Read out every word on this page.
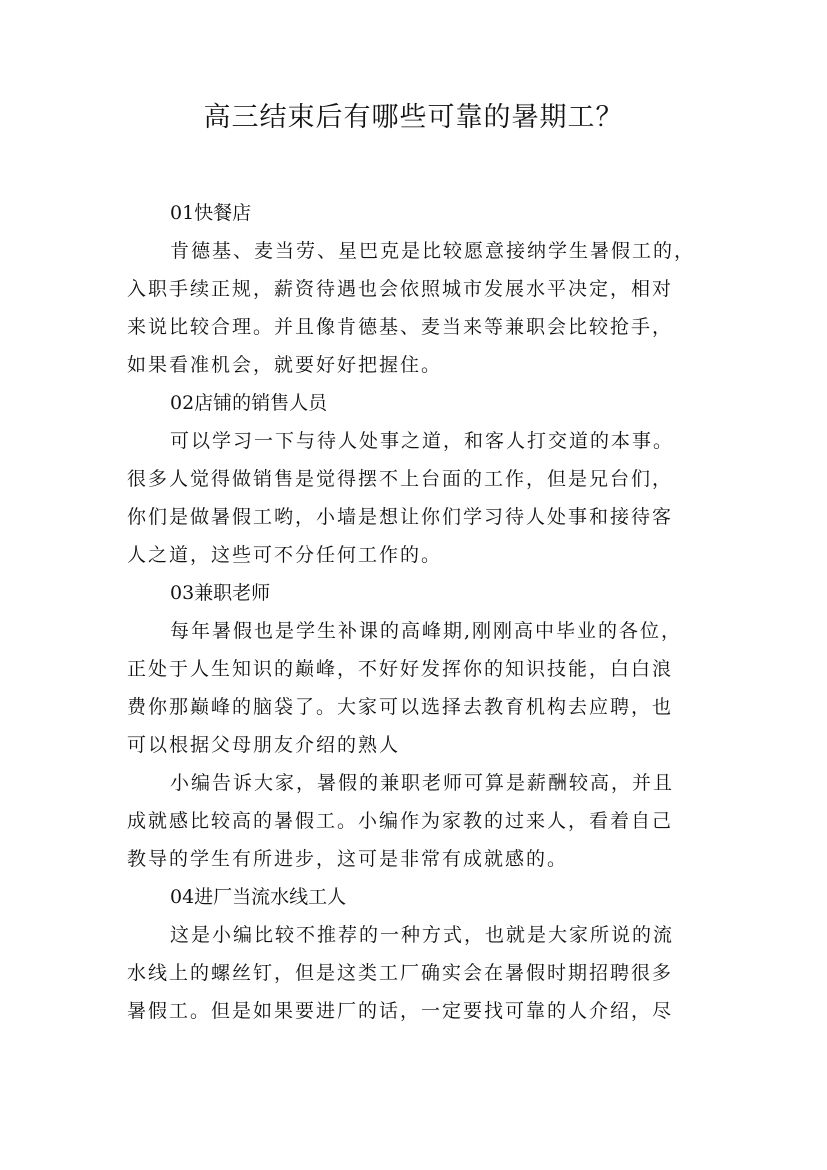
高三结束后有哪些可靠的暑期工？

01快餐店

肯德基、麦当劳、星巴克是比较愿意接纳学生暑假工的，
入职手续正规，薪资待遇也会依照城市发展水平决定，相对
来说比较合理。并且像肯德基、麦当来等兼职会比较抢手，
如果看准机会，就要好好把握住。

02店铺的销售人员

可以学习一下与待人处事之道，和客人打交道的本事。
很多人觉得做销售是觉得摆不上台面的工作，但是兄台们，
你们是做暑假工哟，小墙是想让你们学习待人处事和接待客
人之道，这些可不分任何工作的。

03兼职老师

每年暑假也是学生补课的高峰期,刚刚高中毕业的各位，
正处于人生知识的巅峰，不好好发挥你的知识技能，白白浪
费你那巅峰的脑袋了。大家可以选择去教育机构去应聘，也
可以根据父母朋友介绍的熟人

小编告诉大家，暑假的兼职老师可算是薪酬较高，并且
成就感比较高的暑假工。小编作为家教的过来人，看着自己
教导的学生有所进步，这可是非常有成就感的。

04进厂当流水线工人

这是小编比较不推荐的一种方式，也就是大家所说的流
水线上的螺丝钉，但是这类工厂确实会在暑假时期招聘很多
暑假工。但是如果要进厂的话，一定要找可靠的人介绍，尽
